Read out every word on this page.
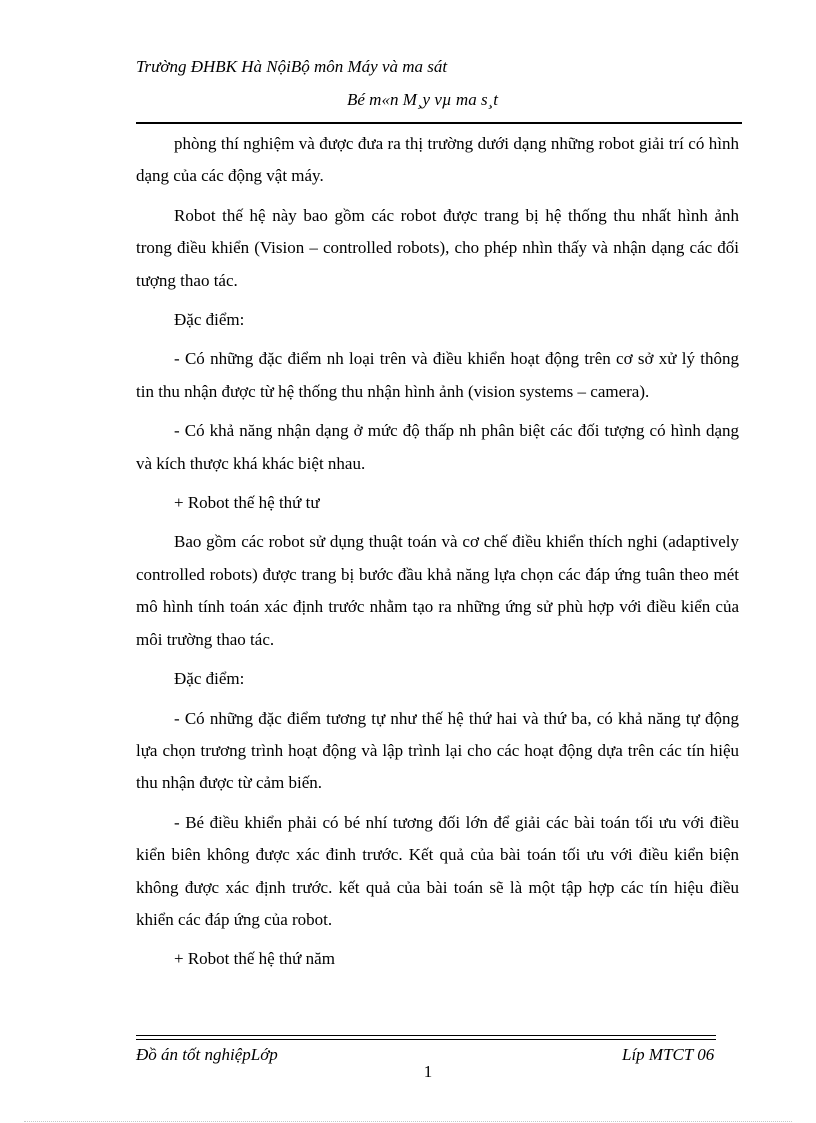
Trường ĐHBK Hà NộiBộ môn Máy và ma sát
Bé m«n M¸y vµ ma s¸t

phòng thí nghiệm và được đưa ra thị trường dưới dạng những robot giải trí có hình dạng của các động vật máy.

Robot thế hệ này bao gồm các robot được trang bị hệ thống thu nhất hình ảnh trong điều khiển (Vision – controlled robots), cho phép nhìn thấy và nhận dạng các đối tượng thao tác.

Đặc điểm:

- Có những đặc điểm nh loại trên và điều khiển hoạt động trên cơ sở xử lý thông tin thu nhận được từ hệ thống thu nhận hình ảnh (vision systems – camera).

- Có khả năng nhận dạng ở mức độ thấp nh phân biệt các đối tượng có hình dạng và kích thược khá khác biệt nhau.

+ Robot thế hệ thứ tư

Bao gồm các robot sử dụng thuật toán và cơ chế điều khiển thích nghi (adaptively controlled robots) được trang bị bước đầu khả năng lựa chọn các đáp ứng tuân theo mét mô hình tính toán xác định trước nhằm tạo ra những ứng sử phù hợp với điều kiển của môi trường thao tác.

Đặc điểm:

- Có những đặc điểm tương tự như thế hệ thứ hai và thứ ba, có khả năng tự động lựa chọn trương trình hoạt động và lập trình lại cho các hoạt động dựa trên các tín hiệu thu nhận được từ cảm biến.

- Bé điều khiển phải có bé nhí tương đối lớn để giải các bài toán tối ưu với điều kiển biên không được xác đinh trước. Kết quả của bài toán tối ưu với điều kiển biện không được xác định trước. kết quả của bài toán sẽ là một tập hợp các tín hiệu điều khiển các đáp ứng của robot.

+ Robot thế hệ thứ năm

Đồ án tốt nghiệpLớp	Líp MTCT 06
1
